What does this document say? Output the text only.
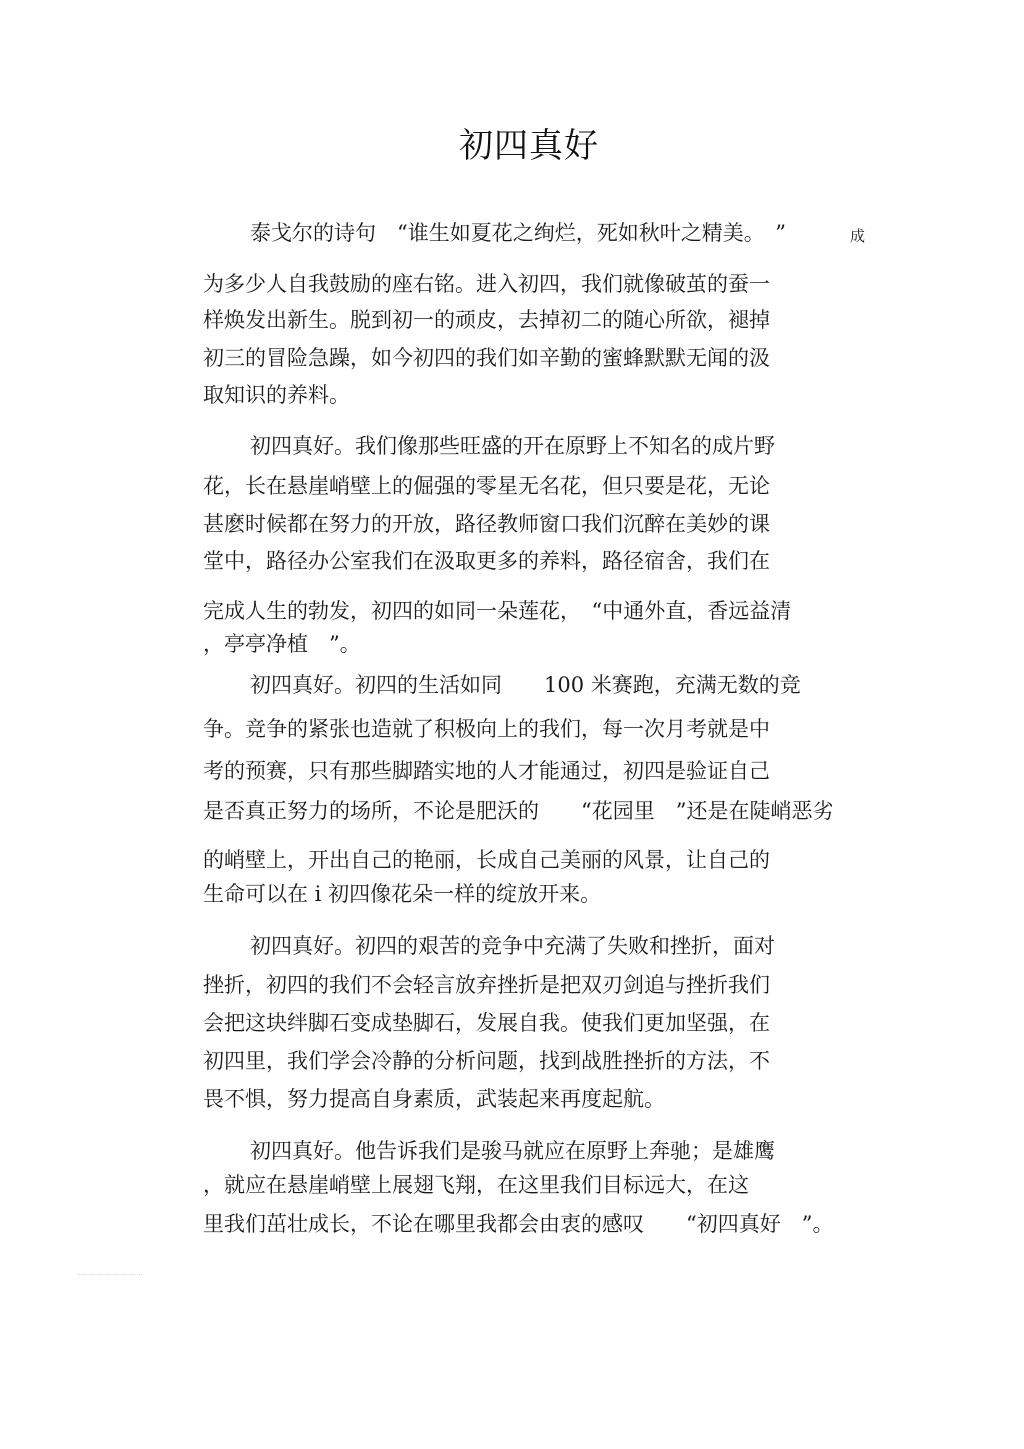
初四真好
泰戈尔的诗句　“谁生如夏花之绚烂，死如秋叶之精美。　”	成
为多少人自我鼓励的座右铭。进入初四，我们就像破茧的蚕一
样焕发出新生。脱到初一的顽皮，去掉初二的随心所欲，褪掉
初三的冒险急躁，如今初四的我们如辛勤的蜜蜂默默无闻的汲
取知识的养料。
初四真好。我们像那些旺盛的开在原野上不知名的成片野
花，长在悬崖峭壁上的倔强的零星无名花，但只要是花，无论
甚麽时候都在努力的开放，路径教师窗口我们沉醉在美妙的课
堂中，路径办公室我们在汲取更多的养料，路径宿舍，我们在
完成人生的勃发，初四的如同一朵莲花，　“中通外直，香远益清
，亭亭净植　”。
初四真好。初四的生活如同　　100 米赛跑，充满无数的竞
争。竞争的紧张也造就了积极向上的我们，每一次月考就是中
考的预赛，只有那些脚踏实地的人才能通过，初四是验证自己
是否真正努力的场所，不论是肥沃的　　“花园里　”还是在陡峭恶劣
的峭壁上，开出自己的艳丽，长成自己美丽的风景，让自己的
生命可以在 i 初四像花朵一样的绽放开来。
初四真好。初四的艰苦的竞争中充满了失败和挫折，面对
挫折，初四的我们不会轻言放弃挫折是把双刃剑追与挫折我们
会把这块绊脚石变成垫脚石，发展自我。使我们更加坚强，在
初四里，我们学会冷静的分析问题，找到战胜挫折的方法，不
畏不惧，努力提高自身素质，武装起来再度起航。
初四真好。他告诉我们是骏马就应在原野上奔驰；是雄鹰
，就应在悬崖峭壁上展翅飞翔，在这里我们目标远大，在这
里我们茁壮成长，不论在哪里我都会由衷的感叹　　“初四真好　”。
